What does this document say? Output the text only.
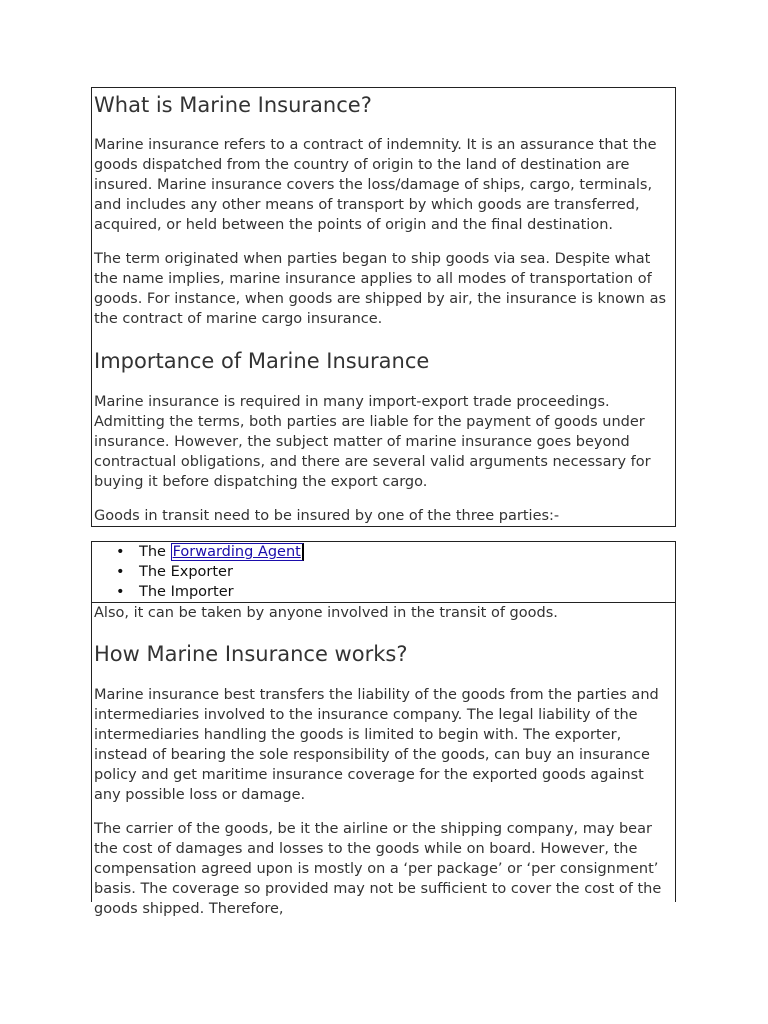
What is Marine Insurance?

Marine insurance refers to a contract of indemnity. It is an assurance that the goods dispatched from the country of origin to the land of destination are insured. Marine insurance covers the loss/damage of ships, cargo, terminals, and includes any other means of transport by which goods are transferred, acquired, or held between the points of origin and the final destination.

The term originated when parties began to ship goods via sea. Despite what the name implies, marine insurance applies to all modes of transportation of goods. For instance, when goods are shipped by air, the insurance is known as the contract of marine cargo insurance.

Importance of Marine Insurance

Marine insurance is required in many import-export trade proceedings. Admitting the terms, both parties are liable for the payment of goods under insurance. However, the subject matter of marine insurance goes beyond contractual obligations, and there are several valid arguments necessary for buying it before dispatching the export cargo.

Goods in transit need to be insured by one of the three parties:-

• The Forwarding Agent
• The Exporter
• The Importer

Also, it can be taken by anyone involved in the transit of goods.

How Marine Insurance works?

Marine insurance best transfers the liability of the goods from the parties and intermediaries involved to the insurance company. The legal liability of the intermediaries handling the goods is limited to begin with. The exporter, instead of bearing the sole responsibility of the goods, can buy an insurance policy and get maritime insurance coverage for the exported goods against any possible loss or damage.

The carrier of the goods, be it the airline or the shipping company, may bear the cost of damages and losses to the goods while on board. However, the compensation agreed upon is mostly on a ‘per package’ or ‘per consignment’ basis. The coverage so provided may not be sufficient to cover the cost of the goods shipped. Therefore,
